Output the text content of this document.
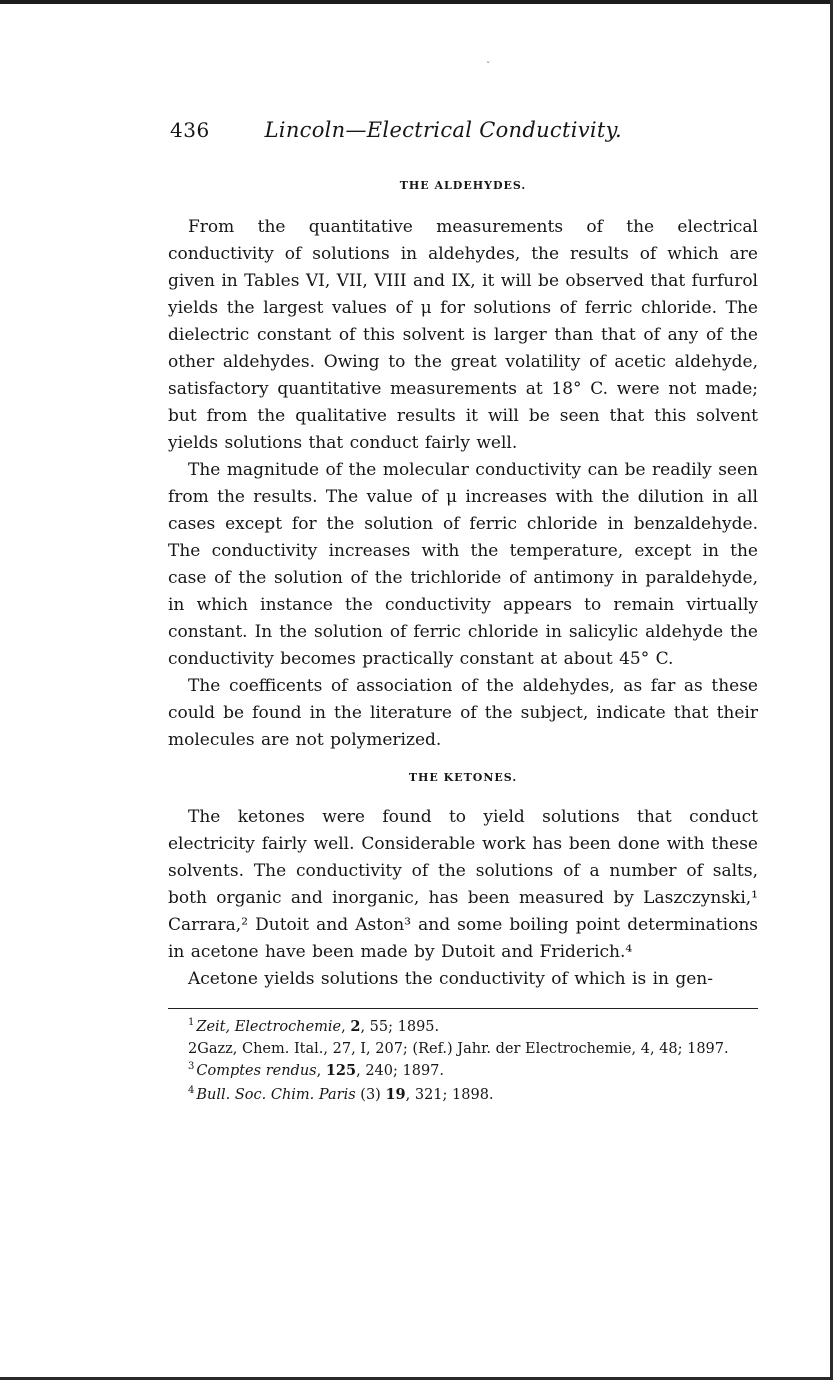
ˇ
436	Lincoln—Electrical Conductivity.
THE ALDEHYDES.

From the quantitative measurements of the electrical conductivity of solutions in aldehydes, the results of which are given in Tables VI, VII, VIII and IX, it will be observed that furfurol yields the largest values of μ for solutions of ferric chloride. The dielectric constant of this solvent is larger than that of any of the other aldehydes. Owing to the great volatility of acetic aldehyde, satisfactory quantitative measurements at 18° C. were not made; but from the qualitative results it will be seen that this solvent yields solutions that conduct fairly well.

The magnitude of the molecular conductivity can be readily seen from the results. The value of μ increases with the dilution in all cases except for the solution of ferric chloride in benzaldehyde. The conductivity increases with the temperature, except in the case of the solution of the trichloride of antimony in paraldehyde, in which instance the conductivity appears to remain virtually constant. In the solution of ferric chloride in salicylic aldehyde the conductivity becomes practically constant at about 45° C.

The coefficents of association of the aldehydes, as far as these could be found in the literature of the subject, indicate that their molecules are not polymerized.

THE KETONES.

The ketones were found to yield solutions that conduct electricity fairly well. Considerable work has been done with these solvents. The conductivity of the solutions of a number of salts, both organic and inorganic, has been measured by Laszczynski,¹ Carrara,² Dutoit and Aston³ and some boiling point determinations in acetone have been made by Dutoit and Friderich.⁴

Acetone yields solutions the conductivity of which is in gen-

$^1$ Zeit, Electrochemie, 2, 55; 1895.

2Gazz, Chem. Ital., 27, I, 207; (Ref.) Jahr. der Electrochemie, 4, 48; 1897.

$^3$ Comptes rendus, 125, 240; 1897.

$^4$ Bull. Soc. Chim. Paris (3) 19, 321; 1898.
